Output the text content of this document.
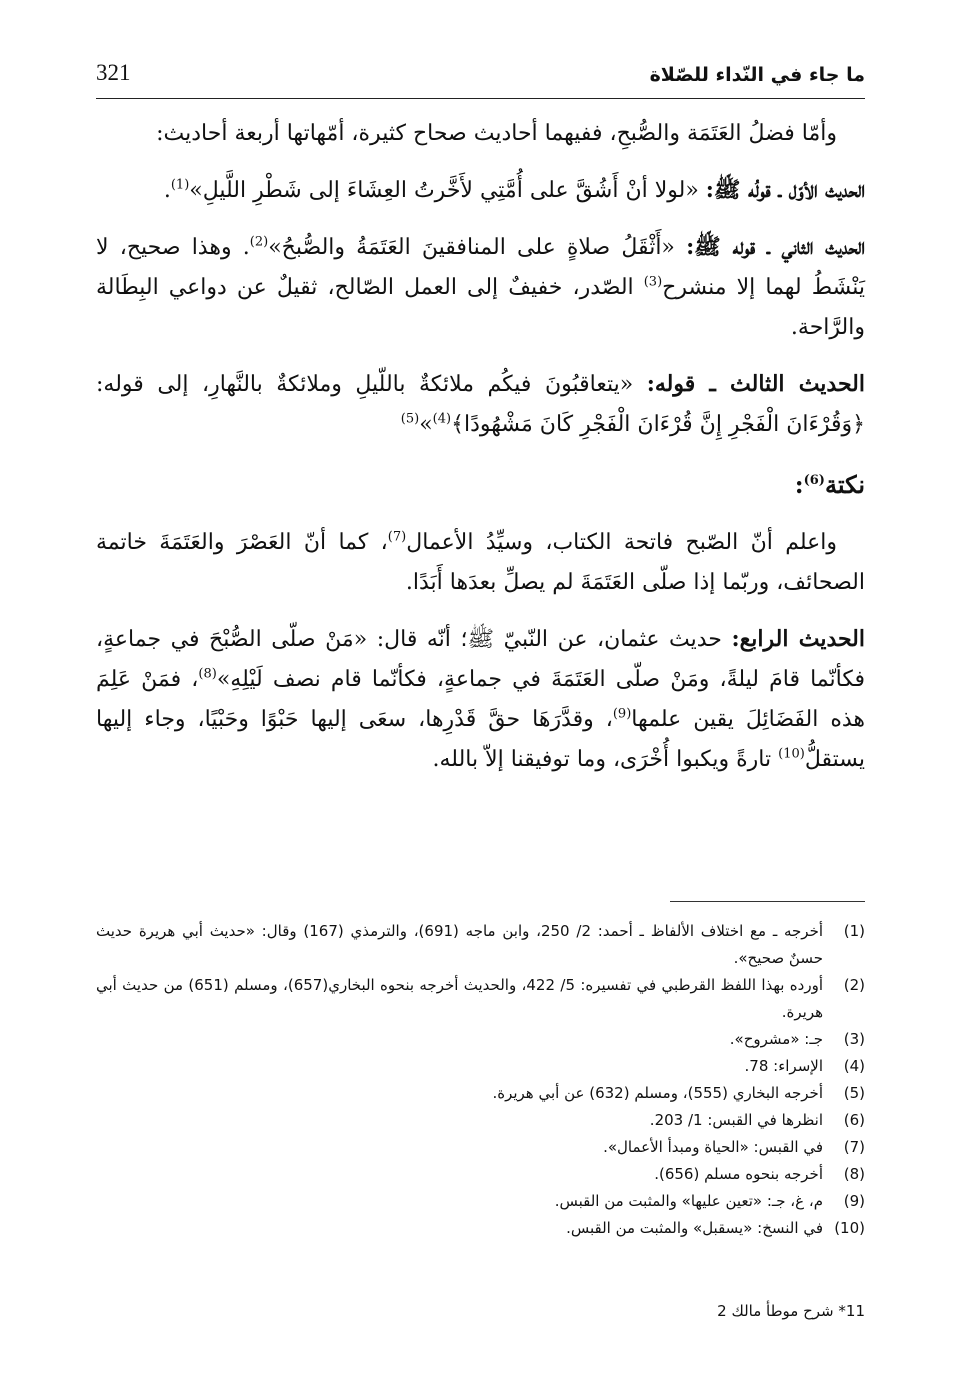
ما جاء في النّداء للصّلاة
321

وأمّا فضلُ العَتَمَة والصُّبحِ، ففيهما أحاديث صحاح كثيرة، أمّهاتها أربعة أحاديث:

الحديث الأوّل ـ قولُه ﷺ: «لولا أنْ أَشُقَّ على أُمَّتِي لأَخَّرتُ العِشَاءَ إلى شَطْرِ اللَّيلِ»$^{(1)}$.

الحديث الثاني ـ قوله ﷺ: «أَثْقَلُ صلاةٍ على المنافقينَ العَتَمَةُ والصُّبحُ»$^{(2)}$. وهذا صحيح، لا يَنْشَطُ لهما إلا منشرح$^{(3)}$ الصّدر، خفيفٌ إلى العمل الصّالح، ثقيلٌ عن دواعي البِطَالة والرَّاحة.

الحديث الثالث ـ قوله: «يتعاقبُونَ فيكُم ملائكةٌ باللّيلِ وملائكةٌ بالنَّهارِ، إلى قوله: ﴿وَقُرْءَانَ الْفَجْرِ إِنَّ قُرْءَانَ الْفَجْرِ كَانَ مَشْهُودًا﴾$^{(4)}$»$^{(5)}$

نكتة$^{(6)}$:

واعلم أنّ الصّبح فاتحة الكتاب، وسيِّدُ الأعمال$^{(7)}$، كما أنّ العَصْرَ والعَتَمَةَ خاتمة الصحائف، وربّما إذا صلّى العَتَمَةَ لم يصلِّ بعدَها أَبَدًا.

الحديث الرابع: حديث عثمان، عن النّبيّ ﷺ؛ أنّه قال: «مَنْ صلّى الصُّبْحَ في جماعةٍ، فكأنّما قامَ ليلةً، ومَنْ صلّى العَتَمَةَ في جماعةٍ، فكأنّما قام نصف لَيْلِهِ»$^{(8)}$، فمَنْ عَلِمَ هذه الفَضَائِلَ يقين علمها$^{(9)}$، وقدَّرَهَا حقَّ قَدْرِها، سعَى إليها حَبْوًا وحَبْيًا، وجاء إليها يستقلُّ$^{(10)}$ تارةً ويكبوا أُخْرَى، وما توفيقنا إلاّ بالله.

(1)
أخرجه ـ مع اختلاف الألفاظ ـ أحمد: 2/ 250، وابن ماجه (691)، والترمذي (167) وقال: «حديث أبي هريرة حديث حسنٌ صحيح».
(2)
أورده بهذا اللفظ القرطبي في تفسيره: 5/ 422، والحديث أخرجه بنحوه البخاري(657)، ومسلم (651) من حديث أبي هريرة.
(3)
جـ: «مشروح».
(4)
الإسراء: 78.
(5)
أخرجه البخاري (555)، ومسلم (632) عن أبي هريرة.
(6)
انظرها في القبس: 1/ 203.
(7)
في القبس: «الحياة ومبدأ الأعمال».
(8)
أخرجه بنحوه مسلم (656).
(9)
م، غ، جـ: «تعين عليها» والمثبت من القبس.
(10)
في النسخ: «يسقبل» والمثبت من القبس.
11* شرح موطأ مالك 2
